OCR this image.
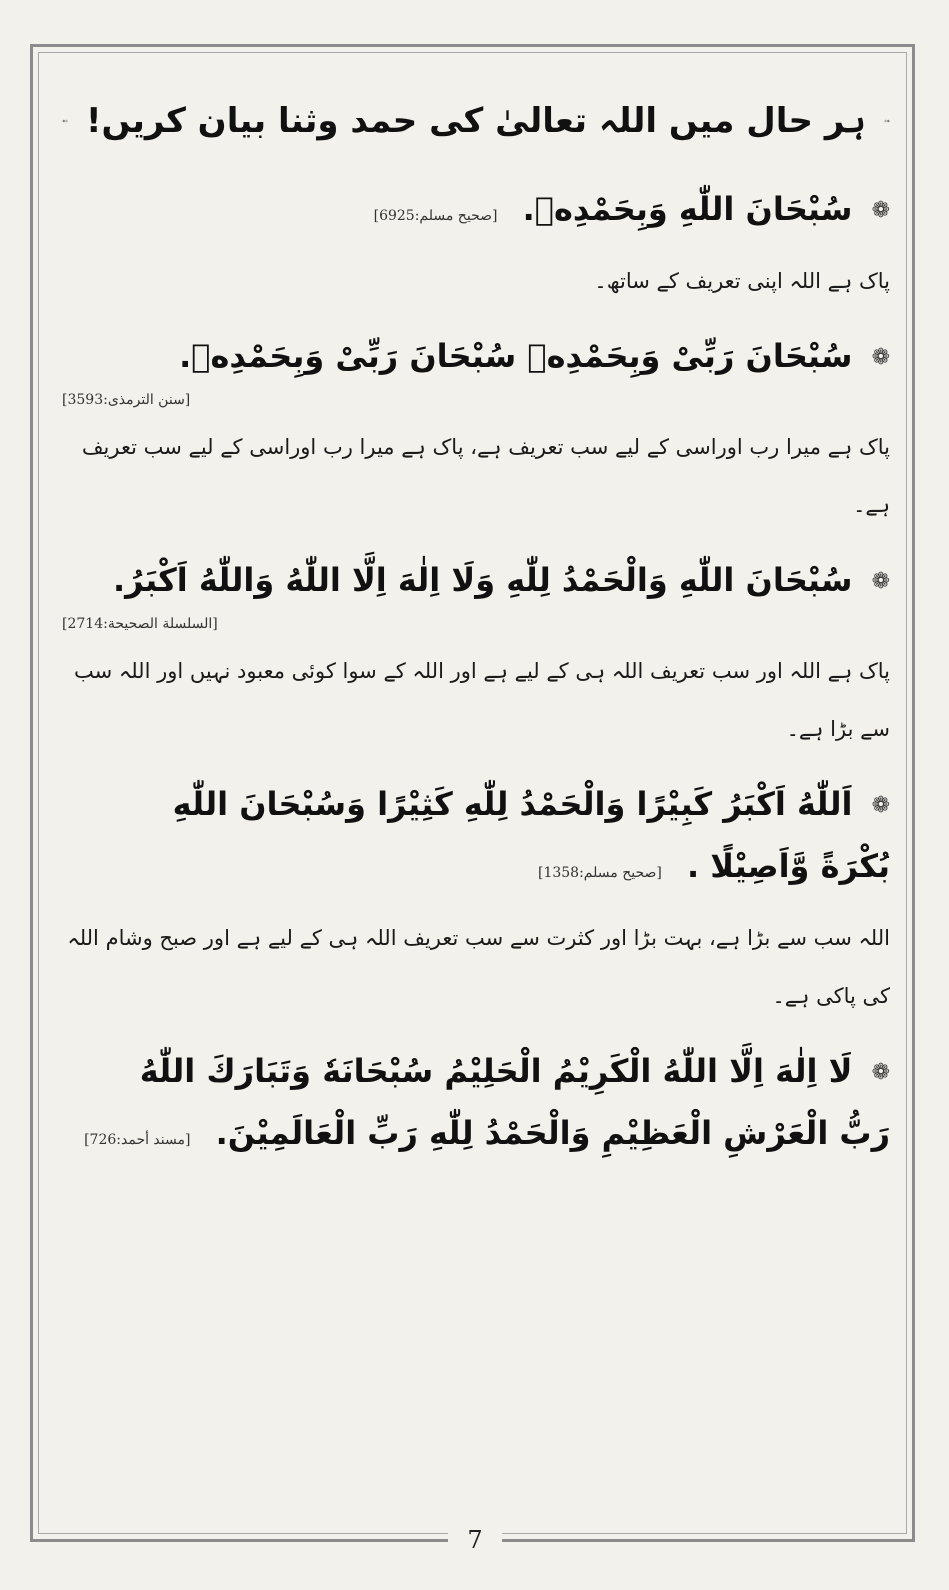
ہر حال میں اللہ تعالیٰ کی حمد وثنا بیان کریں!
❁ سُبْحَانَ اللّٰهِ وَبِحَمْدِهٖ. [صحيح مسلم:6925]
پاک ہے اللہ اپنی تعریف کے ساتھ۔
❁ سُبْحَانَ رَبِّیْ وَبِحَمْدِهٖ سُبْحَانَ رَبِّیْ وَبِحَمْدِهٖ.
[سنن الترمذی:3593]
پاک ہے میرا رب اوراسی کے لیے سب تعریف ہے، پاک ہے میرا رب اوراسی کے لیے سب تعریف ہے۔
❁ سُبْحَانَ اللّٰهِ وَالْحَمْدُ لِلّٰهِ وَلَا اِلٰهَ اِلَّا اللّٰهُ وَاللّٰهُ اَكْبَرُ.
[السلسلة الصحيحة:2714]
پاک ہے اللہ اور سب تعریف اللہ ہی کے لیے ہے اور اللہ کے سوا کوئی معبود نہیں اور اللہ سب سے بڑا ہے۔
❁ اَللّٰهُ اَكْبَرُ كَبِيْرًا وَالْحَمْدُ لِلّٰهِ كَثِيْرًا وَسُبْحَانَ اللّٰهِ
بُكْرَةً وَّاَصِيْلًا . [صحيح مسلم:1358]
اللہ سب سے بڑا ہے، بہت بڑا اور کثرت سے سب تعریف اللہ ہی کے لیے ہے اور صبح وشام اللہ کی پاکی ہے۔
❁ لَا اِلٰهَ اِلَّا اللّٰهُ الْكَرِيْمُ الْحَلِيْمُ سُبْحَانَهٗ وَتَبَارَكَ اللّٰهُ
رَبُّ الْعَرْشِ الْعَظِيْمِ وَالْحَمْدُ لِلّٰهِ رَبِّ الْعَالَمِيْنَ. [مسند أحمد:726]
7
